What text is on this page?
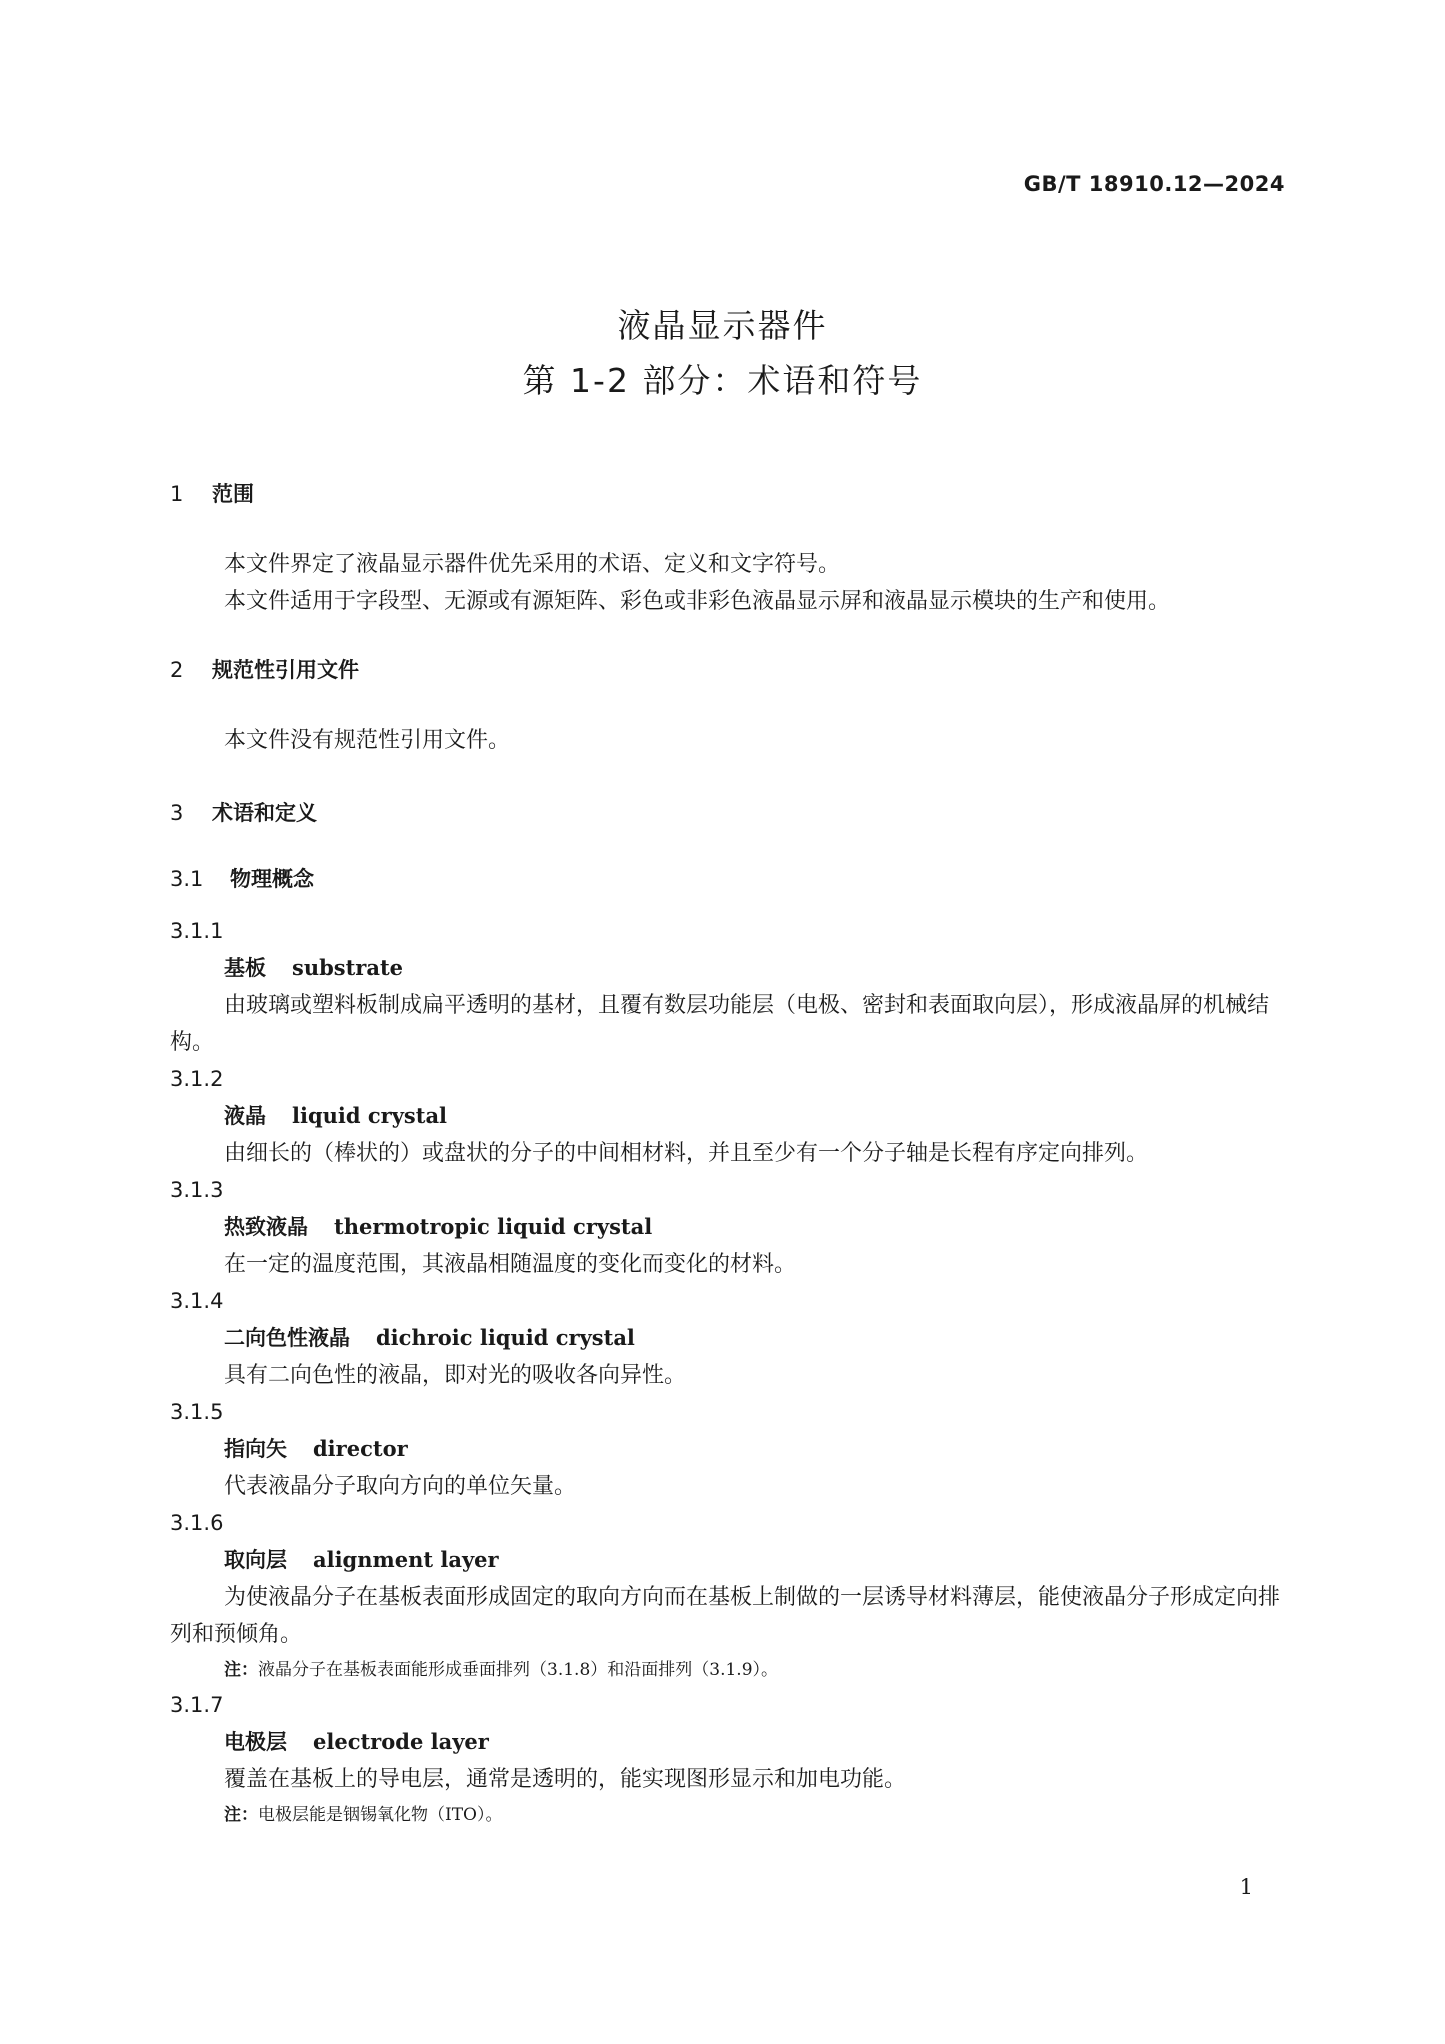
GB/T 18910.12—2024
液晶显示器件
第 1-2 部分：术语和符号

1 范围

本文件界定了液晶显示器件优先采用的术语、定义和文字符号。

本文件适用于字段型、无源或有源矩阵、彩色或非彩色液晶显示屏和液晶显示模块的生产和使用。

2 规范性引用文件

本文件没有规范性引用文件。

3 术语和定义

3.1 物理概念

3.1.1

基板 substrate

由玻璃或塑料板制成扁平透明的基材，且覆有数层功能层（电极、密封和表面取向层），形成液晶屏的机械结构。

3.1.2

液晶 liquid crystal

由细长的（棒状的）或盘状的分子的中间相材料，并且至少有一个分子轴是长程有序定向排列。

3.1.3

热致液晶 thermotropic liquid crystal

在一定的温度范围，其液晶相随温度的变化而变化的材料。

3.1.4

二向色性液晶 dichroic liquid crystal

具有二向色性的液晶，即对光的吸收各向异性。

3.1.5

指向矢 director

代表液晶分子取向方向的单位矢量。

3.1.6

取向层 alignment layer

为使液晶分子在基板表面形成固定的取向方向而在基板上制做的一层诱导材料薄层，能使液晶分子形成定向排列和预倾角。

注：液晶分子在基板表面能形成垂面排列（3.1.8）和沿面排列（3.1.9）。

3.1.7

电极层 electrode layer

覆盖在基板上的导电层，通常是透明的，能实现图形显示和加电功能。

注：电极层能是铟锡氧化物（ITO）。

1
